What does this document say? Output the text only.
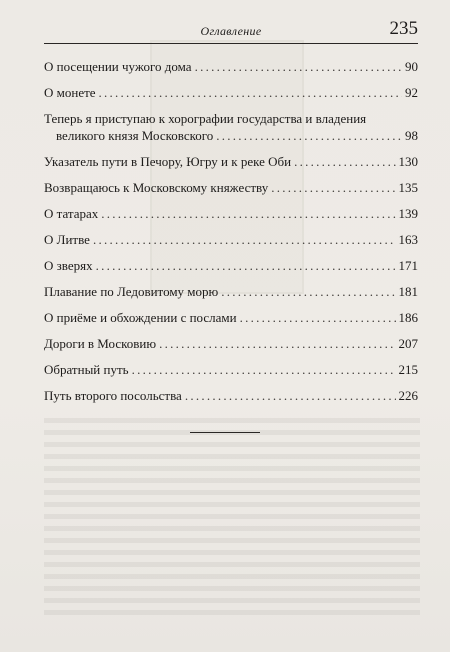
Оглавление	235
О посещении чужого дома . . .	90
О монете . . .	92
Теперь я приступаю к хорографии государства и владения
великого князя Московского . . .	98
Указатель пути в Печору, Югру и к реке Оби . . .	130
Возвращаюсь к Московскому княжеству . . .	135
О татарах . . .	139
О Литве . . .	163
О зверях . . .	171
Плавание по Ледовитому морю . . .	181
О приёме и обхождении с послами . . .	186
Дороги в Московию . . .	207
Обратный путь . . .	215
Путь второго посольства . . .	226
